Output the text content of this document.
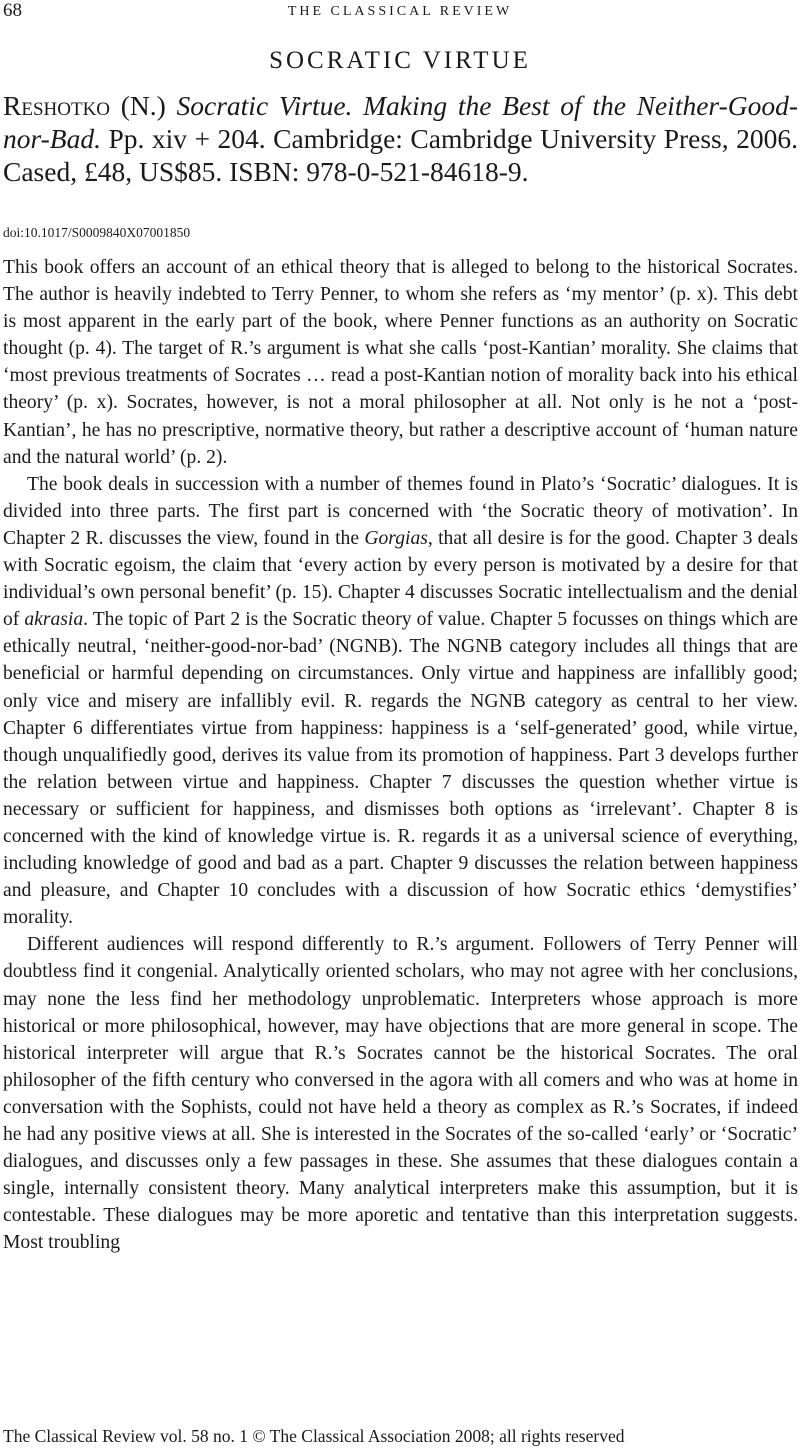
68	THE CLASSICAL REVIEW
SOCRATIC VIRTUE
Reshotko (N.) Socratic Virtue. Making the Best of the Neither-Good-nor-Bad. Pp. xiv + 204. Cambridge: Cambridge University Press, 2006. Cased, £48, US$85. ISBN: 978-0-521-84618-9.
doi:10.1017/S0009840X07001850

This book offers an account of an ethical theory that is alleged to belong to the historical Socrates. The author is heavily indebted to Terry Penner, to whom she refers as ‘my mentor’ (p. x). This debt is most apparent in the early part of the book, where Penner functions as an authority on Socratic thought (p. 4). The target of R.’s argument is what she calls ‘post-Kantian’ morality. She claims that ‘most previous treatments of Socrates … read a post-Kantian notion of morality back into his ethical theory’ (p. x). Socrates, however, is not a moral philosopher at all. Not only is he not a ‘post-Kantian’, he has no prescriptive, normative theory, but rather a descriptive account of ‘human nature and the natural world’ (p. 2).

The book deals in succession with a number of themes found in Plato’s ‘Socratic’ dialogues. It is divided into three parts. The first part is concerned with ‘the Socratic theory of motivation’. In Chapter 2 R. discusses the view, found in the Gorgias, that all desire is for the good. Chapter 3 deals with Socratic egoism, the claim that ‘every action by every person is motivated by a desire for that individual’s own personal benefit’ (p. 15). Chapter 4 discusses Socratic intellectualism and the denial of akrasia. The topic of Part 2 is the Socratic theory of value. Chapter 5 focusses on things which are ethically neutral, ‘neither-good-nor-bad’ (NGNB). The NGNB category includes all things that are beneficial or harmful depending on circumstances. Only virtue and happiness are infallibly good; only vice and misery are infallibly evil. R. regards the NGNB category as central to her view. Chapter 6 differentiates virtue from happiness: happiness is a ‘self-generated’ good, while virtue, though unqualifiedly good, derives its value from its promotion of happiness. Part 3 develops further the relation between virtue and happiness. Chapter 7 discusses the question whether virtue is necessary or sufficient for happiness, and dismisses both options as ‘irrelevant’. Chapter 8 is concerned with the kind of knowledge virtue is. R. regards it as a universal science of everything, including knowledge of good and bad as a part. Chapter 9 discusses the relation between happiness and pleasure, and Chapter 10 concludes with a discussion of how Socratic ethics ‘demystifies’ morality.

Different audiences will respond differently to R.’s argument. Followers of Terry Penner will doubtless find it congenial. Analytically oriented scholars, who may not agree with her conclusions, may none the less find her methodology unproblematic. Interpreters whose approach is more historical or more philosophical, however, may have objections that are more general in scope. The historical interpreter will argue that R.’s Socrates cannot be the historical Socrates. The oral philosopher of the fifth century who conversed in the agora with all comers and who was at home in conversation with the Sophists, could not have held a theory as complex as R.’s Socrates, if indeed he had any positive views at all. She is interested in the Socrates of the so-called ‘early’ or ‘Socratic’ dialogues, and discusses only a few passages in these. She assumes that these dialogues contain a single, internally consistent theory. Many analytical interpreters make this assumption, but it is contestable. These dialogues may be more aporetic and tentative than this interpretation suggests. Most troubling

The Classical Review vol. 58 no. 1 © The Classical Association 2008; all rights reserved
